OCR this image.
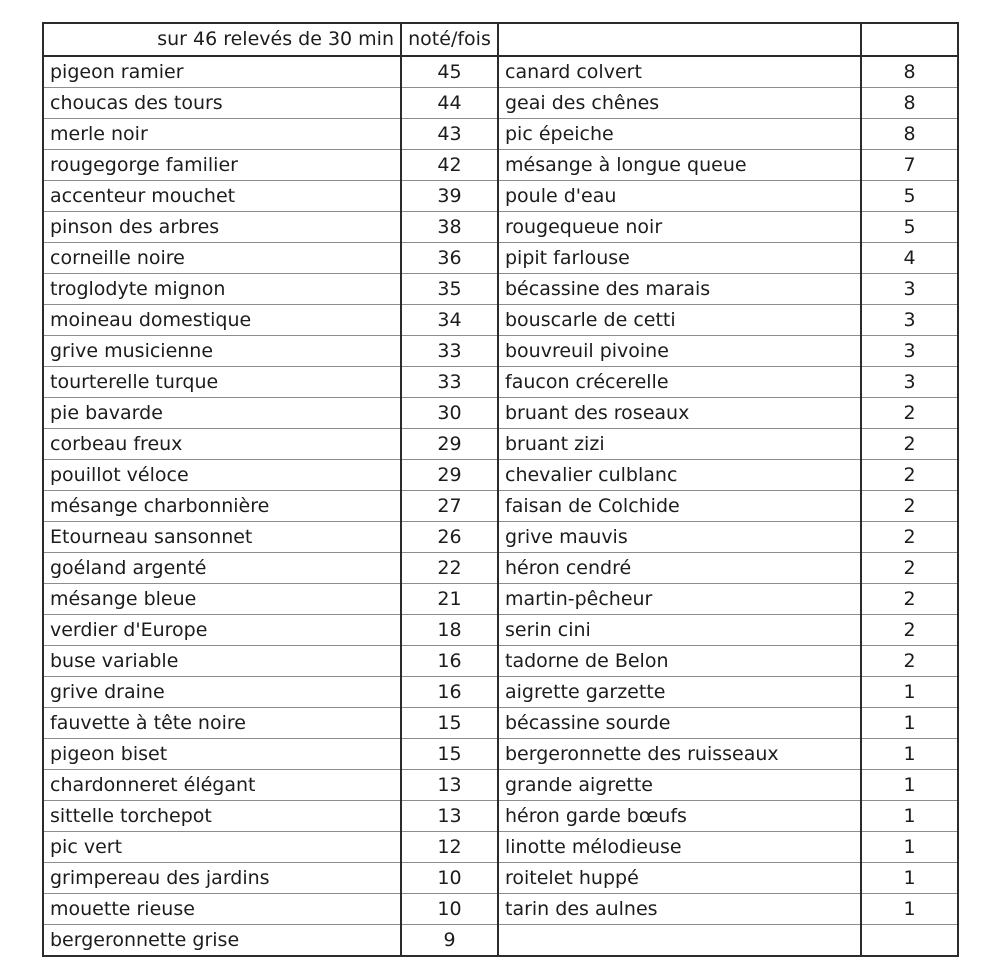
sur 46 relevés de 30 min	noté/fois		
pigeon ramier	45	canard colvert	8
choucas des tours	44	geai des chênes	8
merle noir	43	pic épeiche	8
rougegorge familier	42	mésange à longue queue	7
accenteur mouchet	39	poule d'eau	5
pinson des arbres	38	rougequeue noir	5
corneille noire	36	pipit farlouse	4
troglodyte mignon	35	bécassine des marais	3
moineau domestique	34	bouscarle de cetti	3
grive musicienne	33	bouvreuil pivoine	3
tourterelle turque	33	faucon crécerelle	3
pie bavarde	30	bruant des roseaux	2
corbeau freux	29	bruant zizi	2
pouillot véloce	29	chevalier culblanc	2
mésange charbonnière	27	faisan de Colchide	2
Etourneau sansonnet	26	grive mauvis	2
goéland argenté	22	héron cendré	2
mésange bleue	21	martin-pêcheur	2
verdier d'Europe	18	serin cini	2
buse variable	16	tadorne de Belon	2
grive draine	16	aigrette garzette	1
fauvette à tête noire	15	bécassine sourde	1
pigeon biset	15	bergeronnette des ruisseaux	1
chardonneret élégant	13	grande aigrette	1
sittelle torchepot	13	héron garde bœufs	1
pic vert	12	linotte mélodieuse	1
grimpereau des jardins	10	roitelet huppé	1
mouette rieuse	10	tarin des aulnes	1
bergeronnette grise	9		
